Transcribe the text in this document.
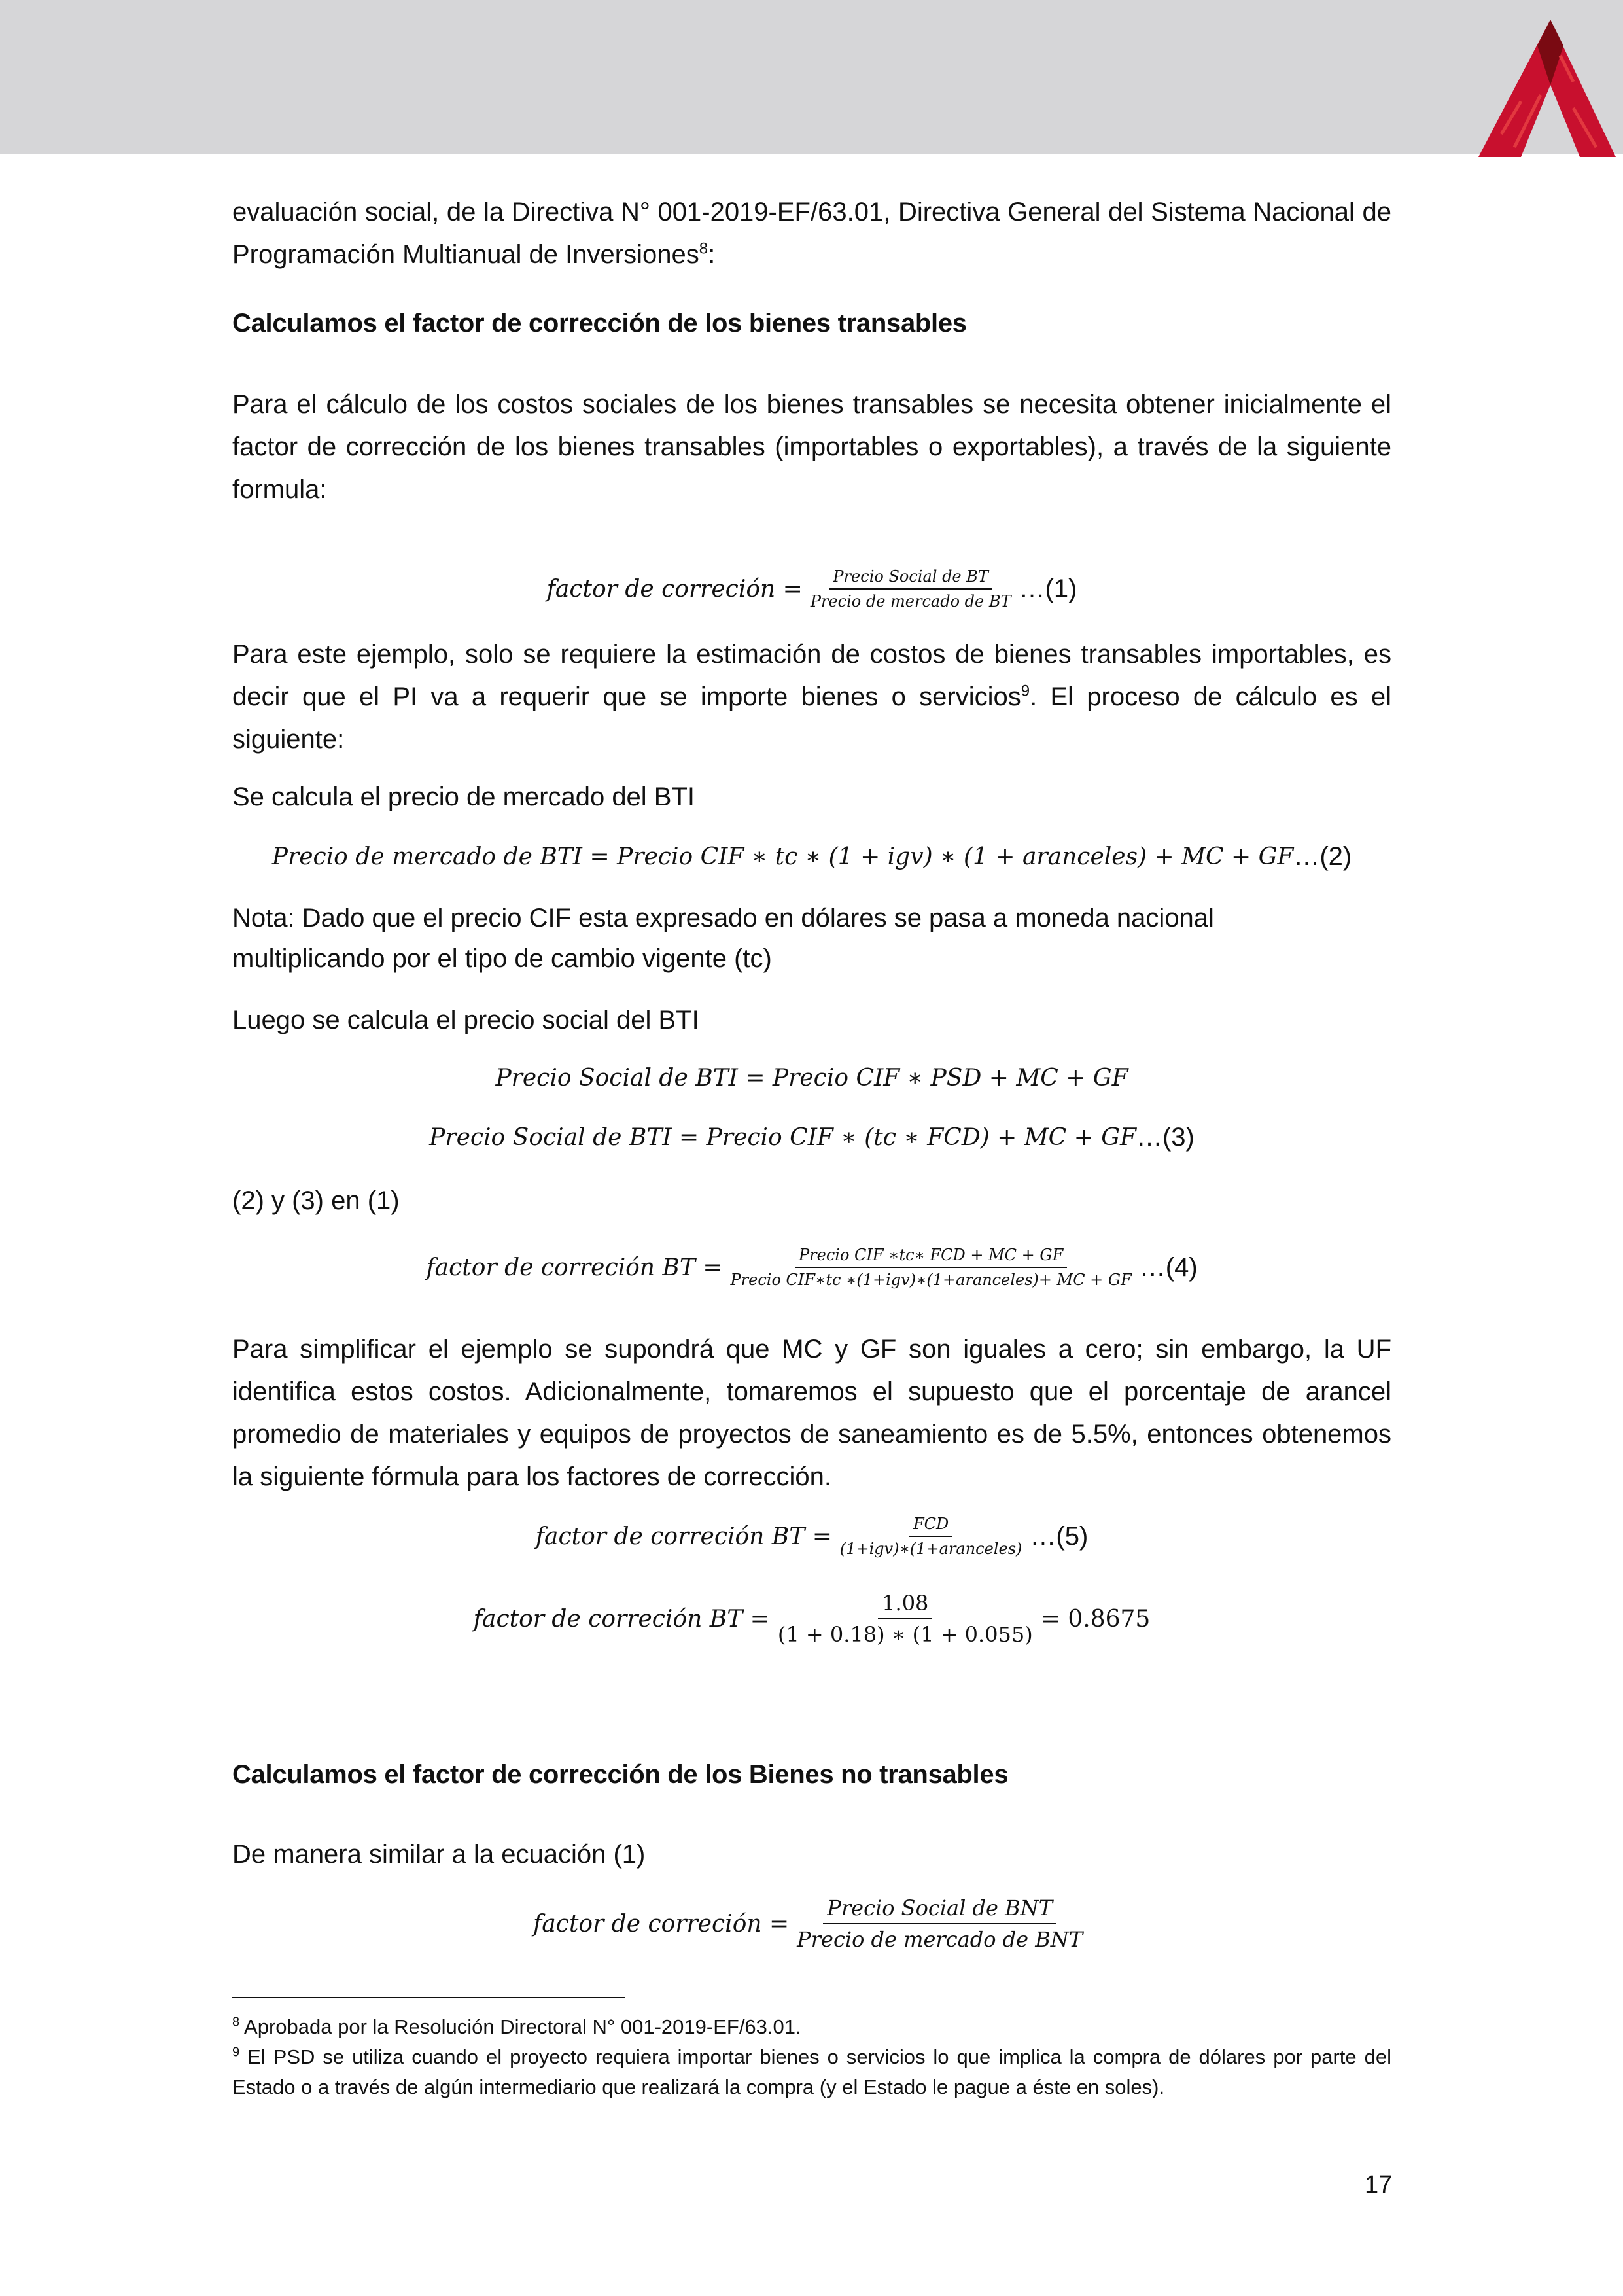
evaluación social, de la Directiva N° 001-2019-EF/63.01, Directiva General del Sistema Nacional de Programación Multianual de Inversiones$^8$:

Calculamos el factor de corrección de los bienes transables

Para el cálculo de los costos sociales de los bienes transables se necesita obtener inicialmente el factor de corrección de los bienes transables (importables o exportables), a través de la siguiente formula:

factor de correción = $\frac{\text{Precio Social de BT}}{\text{Precio de mercado de BT}}$ …(1)

Para este ejemplo, solo se requiere la estimación de costos de bienes transables importables, es decir que el PI va a requerir que se importe bienes o servicios$^9$. El proceso de cálculo es el siguiente:

Se calcula el precio de mercado del BTI

Precio de mercado de BTI = Precio CIF ∗ tc ∗ (1 + igv) ∗ (1 + aranceles) + MC + GF …(2)

Nota: Dado que el precio CIF esta expresado en dólares se pasa a moneda nacional multiplicando por el tipo de cambio vigente (tc)

Luego se calcula el precio social del BTI

Precio Social de BTI = Precio CIF ∗ PSD + MC + GF
Precio Social de BTI = Precio CIF ∗ (tc ∗ FCD) + MC + GF …(3)

(2) y (3) en (1)

factor de correción BT = $\frac{\text{Precio CIF ∗tc∗ FCD + MC + GF}}{\text{Precio CIF∗tc ∗(1+igv)∗(1+aranceles)+ MC + GF}}$ …(4)

Para simplificar el ejemplo se supondrá que MC y GF son iguales a cero; sin embargo, la UF identifica estos costos. Adicionalmente, tomaremos el supuesto que el porcentaje de arancel promedio de materiales y equipos de proyectos de saneamiento es de 5.5%, entonces obtenemos la siguiente fórmula para los factores de corrección.

factor de correción BT = $\frac{\text{FCD}}{\text{(1+igv)∗(1+aranceles)}}$ …(5)
factor de correción BT = $\frac{1.08}{(1 + 0.18) ∗ (1 + 0.055)} = 0.8675$

Calculamos el factor de corrección de los Bienes no transables

De manera similar a la ecuación (1)

factor de correción = $\frac{\text{Precio Social de BNT}}{\text{Precio de mercado de BNT}}$

$^8$ Aprobada por la Resolución Directoral N° 001-2019-EF/63.01.

$^9$ El PSD se utiliza cuando el proyecto requiera importar bienes o servicios lo que implica la compra de dólares por parte del Estado o a través de algún intermediario que realizará la compra (y el Estado le pague a éste en soles).

17
